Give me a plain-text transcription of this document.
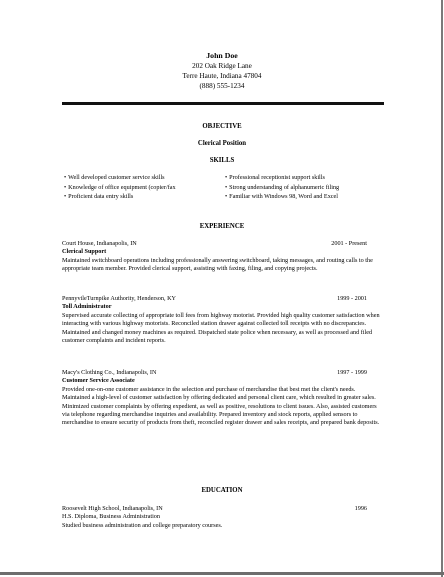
John Doe
202 Oak Ridge Lane
Terre Haute, Indiana 47804
(888) 555-1234
OBJECTIVE
Clerical Position
SKILLS
• Well developed customer service skills
• Knowledge of office equipment (copier/fax
• Proficient data entry skills
• Professional receptionist support skills
• Strong understanding of alphanumeric filing
• Familiar with Windows 98, Word and Excel
EXPERIENCE
Court House, Indianapolis, IN	2001 - Present
Clerical Support

Maintained switchboard operations including professionally answering switchboard, taking messages, and routing calls to the appropriate team member. Provided clerical support, assisting with faxing, filing, and copying projects.

PennyvileTurnpike Authority, Henderson, KY	1999 - 2001
Toll Administrator

Supervised accurate collecting of appropriate toll fees from highway motorist. Provided high quality customer satisfaction when interacting with various highway motorists. Reconciled station drawer against collected toll receipts with no discrepancies. Maintained and changed money machines as required. Dispatched state police when necessary, as well as processed and filed customer complaints and incident reports.

Macy's Clothing Co., Indianapolis, IN	1997 - 1999
Customer Service Associate

Provided one-on-one customer assistance in the selection and purchase of merchandise that best met the client's needs. Maintained a high-level of customer satisfaction by offering dedicated and personal client care, which resulted in greater sales. Minimized customer complaints by offering expedient, as well as positive, resolutions to client issues. Also, assisted customers via telephone regarding merchandise inquiries and availability. Prepared inventory and stock reports, applied sensors to merchandise to ensure security of products from theft, reconciled register drawer and sales receipts, and prepared bank deposits.

EDUCATION
Roosevelt High School, Indianapolis, IN	1996
H.S. Diploma, Business Administration
Studied business administration and college preparatory courses.
